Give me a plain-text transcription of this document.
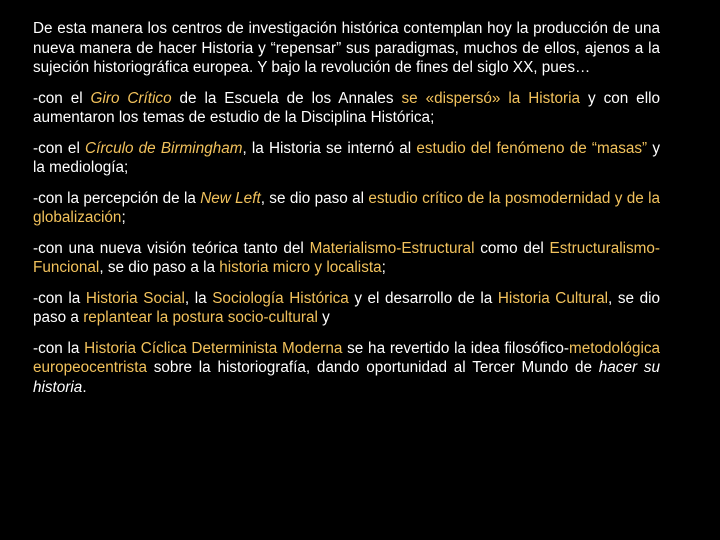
De esta manera los centros de investigación histórica contemplan hoy la producción de una nueva manera de hacer Historia y “repensar” sus paradigmas, muchos de ellos, ajenos a la sujeción historiográfica europea. Y bajo la revolución de fines del siglo XX, pues…

-con el Giro Crítico de la Escuela de los Annales se «dispersó» la Historia y con ello aumentaron los temas de estudio de la Disciplina Histórica;

-con el Círculo de Birmingham, la Historia se internó al estudio del fenómeno de “masas” y la mediología;

-con la percepción de la New Left, se dio paso al estudio crítico de la posmodernidad y de la globalización;

-con una nueva visión teórica tanto del Materialismo-Estructural como del Estructuralismo-Funcional, se dio paso a la historia micro y localista;

-con la Historia Social, la Sociología Histórica y el desarrollo de la Historia Cultural, se dio paso a replantear la postura socio-cultural y

-con la Historia Cíclica Determinista Moderna se ha revertido la idea filosófico-metodológica europeocentrista sobre la historiografía, dando oportunidad al Tercer Mundo de hacer su historia.
